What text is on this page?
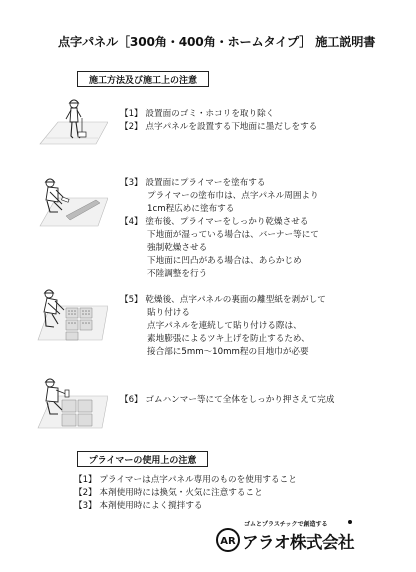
点字パネル［300角・400角・ホームタイプ］ 施工説明書
施工方法及び施工上の注意
【1】 設置面のゴミ・ホコリを取り除く
【2】 点字パネルを設置する下地面に墨だしをする
【3】 設置面にプライマーを塗布する
プライマーの塗布巾は、点字パネル周囲より
1cm程広めに塗布する
【4】 塗布後、プライマーをしっかり乾燥させる
下地面が湿っている場合は、バーナー等にて
強制乾燥させる
下地面に凹凸がある場合は、あらかじめ
不陸調整を行う
【5】 乾燥後、点字パネルの裏面の離型紙を剥がして
貼り付ける
点字パネルを連続して貼り付ける際は、
素地膨張によるツキ上げを防止するため、
接合部に5mm～10mm程の目地巾が必要
【6】 ゴムハンマー等にて全体をしっかり押さえて完成
プライマーの使用上の注意
【1】 プライマーは点字パネル専用のものを使用すること
【2】 本剤使用時には換気・火気に注意すること
【3】 本剤使用時によく撹拌する
ゴムとプラスチックで創造する
AR アラオ株式会社
